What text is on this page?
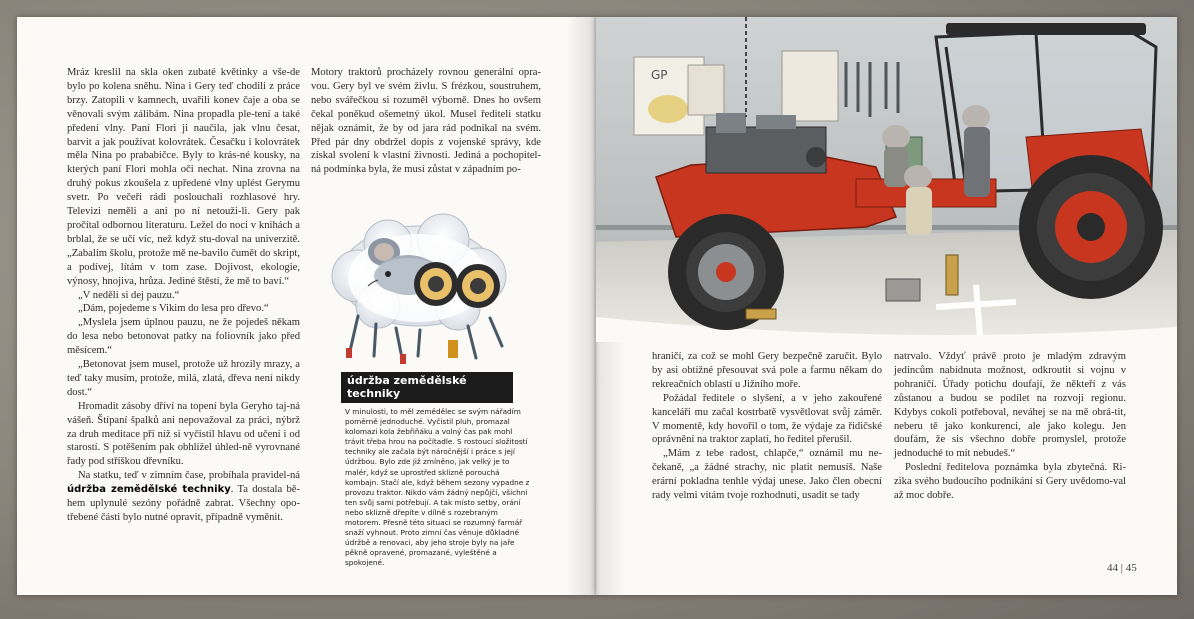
Mráz kreslil na skla oken zubaté květinky a vše-de bylo po kolena sněhu. Nina i Gery teď chodili z práce brzy. Zatopili v kamnech, uvařili konev čaje a oba se věnovali svým zálibám. Nina propadla ple-tení a také předení vlny. Paní Flori ji naučila, jak vlnu česat, barvit a jak používat kolovrátek. Česačku i kolovrátek měla Nina po prababičce. Byly to krás-né kousky, na kterých paní Flori mohla oči nechat. Nina zrovna na druhý pokus zkoušela z upředené vlny uplést Gerymu svetr. Po večeři rádi poslouchali rozhlasové hry. Televizi neměli a ani po ní netouži-li. Gery pak pročítal odbornou literaturu. Ležel do noci v knihách a brblal, že se učí víc, než když stu-doval na univerzitě. „Zabalím školu, protože mě ne-bavilo čumět do skript, a podívej, lítám v tom zase. Dojivost, ekologie, výnosy, hnojiva, hrůza. Jediné štěstí, že mě to baví.“

„V neděli si dej pauzu.“

„Dám, pojedeme s Vikim do lesa pro dřevo.“

„Myslela jsem úplnou pauzu, ne že pojedeš někam do lesa nebo betonovat patky na foliovník jako před měsícem.“

„Betonovat jsem musel, protože už hrozily mrazy, a teď taky musím, protože, milá, zlatá, dřeva není nikdy dost.“

Hromadit zásoby dříví na topení byla Geryho taj-ná vášeň. Štípaní špalků ani nepovažoval za práci, nýbrž za druh meditace při níž si vyčistil hlavu od učení i od starostí. S potěšením pak obhlížel úhled-ně vyrovnané řady pod stříškou dřevníku.

Na statku, teď v zimním čase, probíhala pravidel-ná údržba zemědělské techniky. Ta dostala bě-hem uplynulé sezóny pořádně zabrat. Všechny opo-třebené části bylo nutné opravit, případně vyměnit.

Motory traktorů procházely rovnou generální opra-vou. Gery byl ve svém živlu. S frézkou, soustruhem, nebo svářečkou si rozuměl výborně. Dnes ho ovšem čekal poněkud ošemetný úkol. Musel řediteli statku nějak oznámit, že by od jara rád podnikal na svém. Před pár dny obdržel dopis z vojenské správy, kde získal svolení k vlastní živnosti. Jediná a pochopitel-ná podmínka byla, že musí zůstat v západním po-

údržba zemědělské techniky
V minulosti, to měl zemědělec se svým nářadím poměrně jednoduché. Vyčistil pluh, promazal kolomazi kola žebřiňáku a volný čas pak mohl trávit třeba hrou na počítadle. S rostoucí složitostí techniky ale začala být náročnější i práce s její údržbou. Bylo zde již zmíněno, jak velký je to malér, když se uprostřed sklizně porouchá kombajn. Stačí ale, když během sezony vypadne z provozu traktor. Nikdo vám žádný nepůjčí, všichni ten svůj sami potřebují. A tak místo setby, orání nebo sklizně dřepíte v dílně s rozebraným motorem. Přesně této situaci se rozumný farmář snaží vyhnout. Proto zimní čas věnuje důkladné údržbě a renovaci, aby jeho stroje byly na jaře pěkně opravené, promazané, vyleštěné a spokojené.
GP

hraničí, za což se mohl Gery bezpečně zaručit. Bylo by asi obtížné přesouvat svá pole a farmu někam do rekreačních oblastí u Jižního moře.

Požádal ředitele o slyšení, a v jeho zakouřené kanceláři mu začal kostrbatě vysvětlovat svůj záměr. V momentě, kdy hovořil o tom, že výdaje za řidičské oprávnění na traktor zaplatí, ho ředitel přerušil.

„Mám z tebe radost, chlapče,“ oznámil mu ne-čekaně, „a žádné strachy, nic platit nemusíš. Naše erární pokladna tenhle výdaj unese. Jako člen obecní rady velmi vítám tvoje rozhodnutí, usadit se tady

natrvalo. Vždyť právě proto je mladým zdravým jedincům nabídnuta možnost, odkroutit si vojnu v pohraničí. Úřady potichu doufají, že někteří z vás zůstanou a budou se podílet na rozvoji regionu. Kdybys cokoli potřeboval, neváhej se na mě obrá-tit, neberu tě jako konkurenci, ale jako kolegu. Jen doufám, že sis všechno dobře promyslel, protože jednoduché to mít nebudeš.“

Poslední ředitelova poznámka byla zbytečná. Ri-zika svého budoucího podnikání si Gery uvědomo-val až moc dobře.

44 | 45
